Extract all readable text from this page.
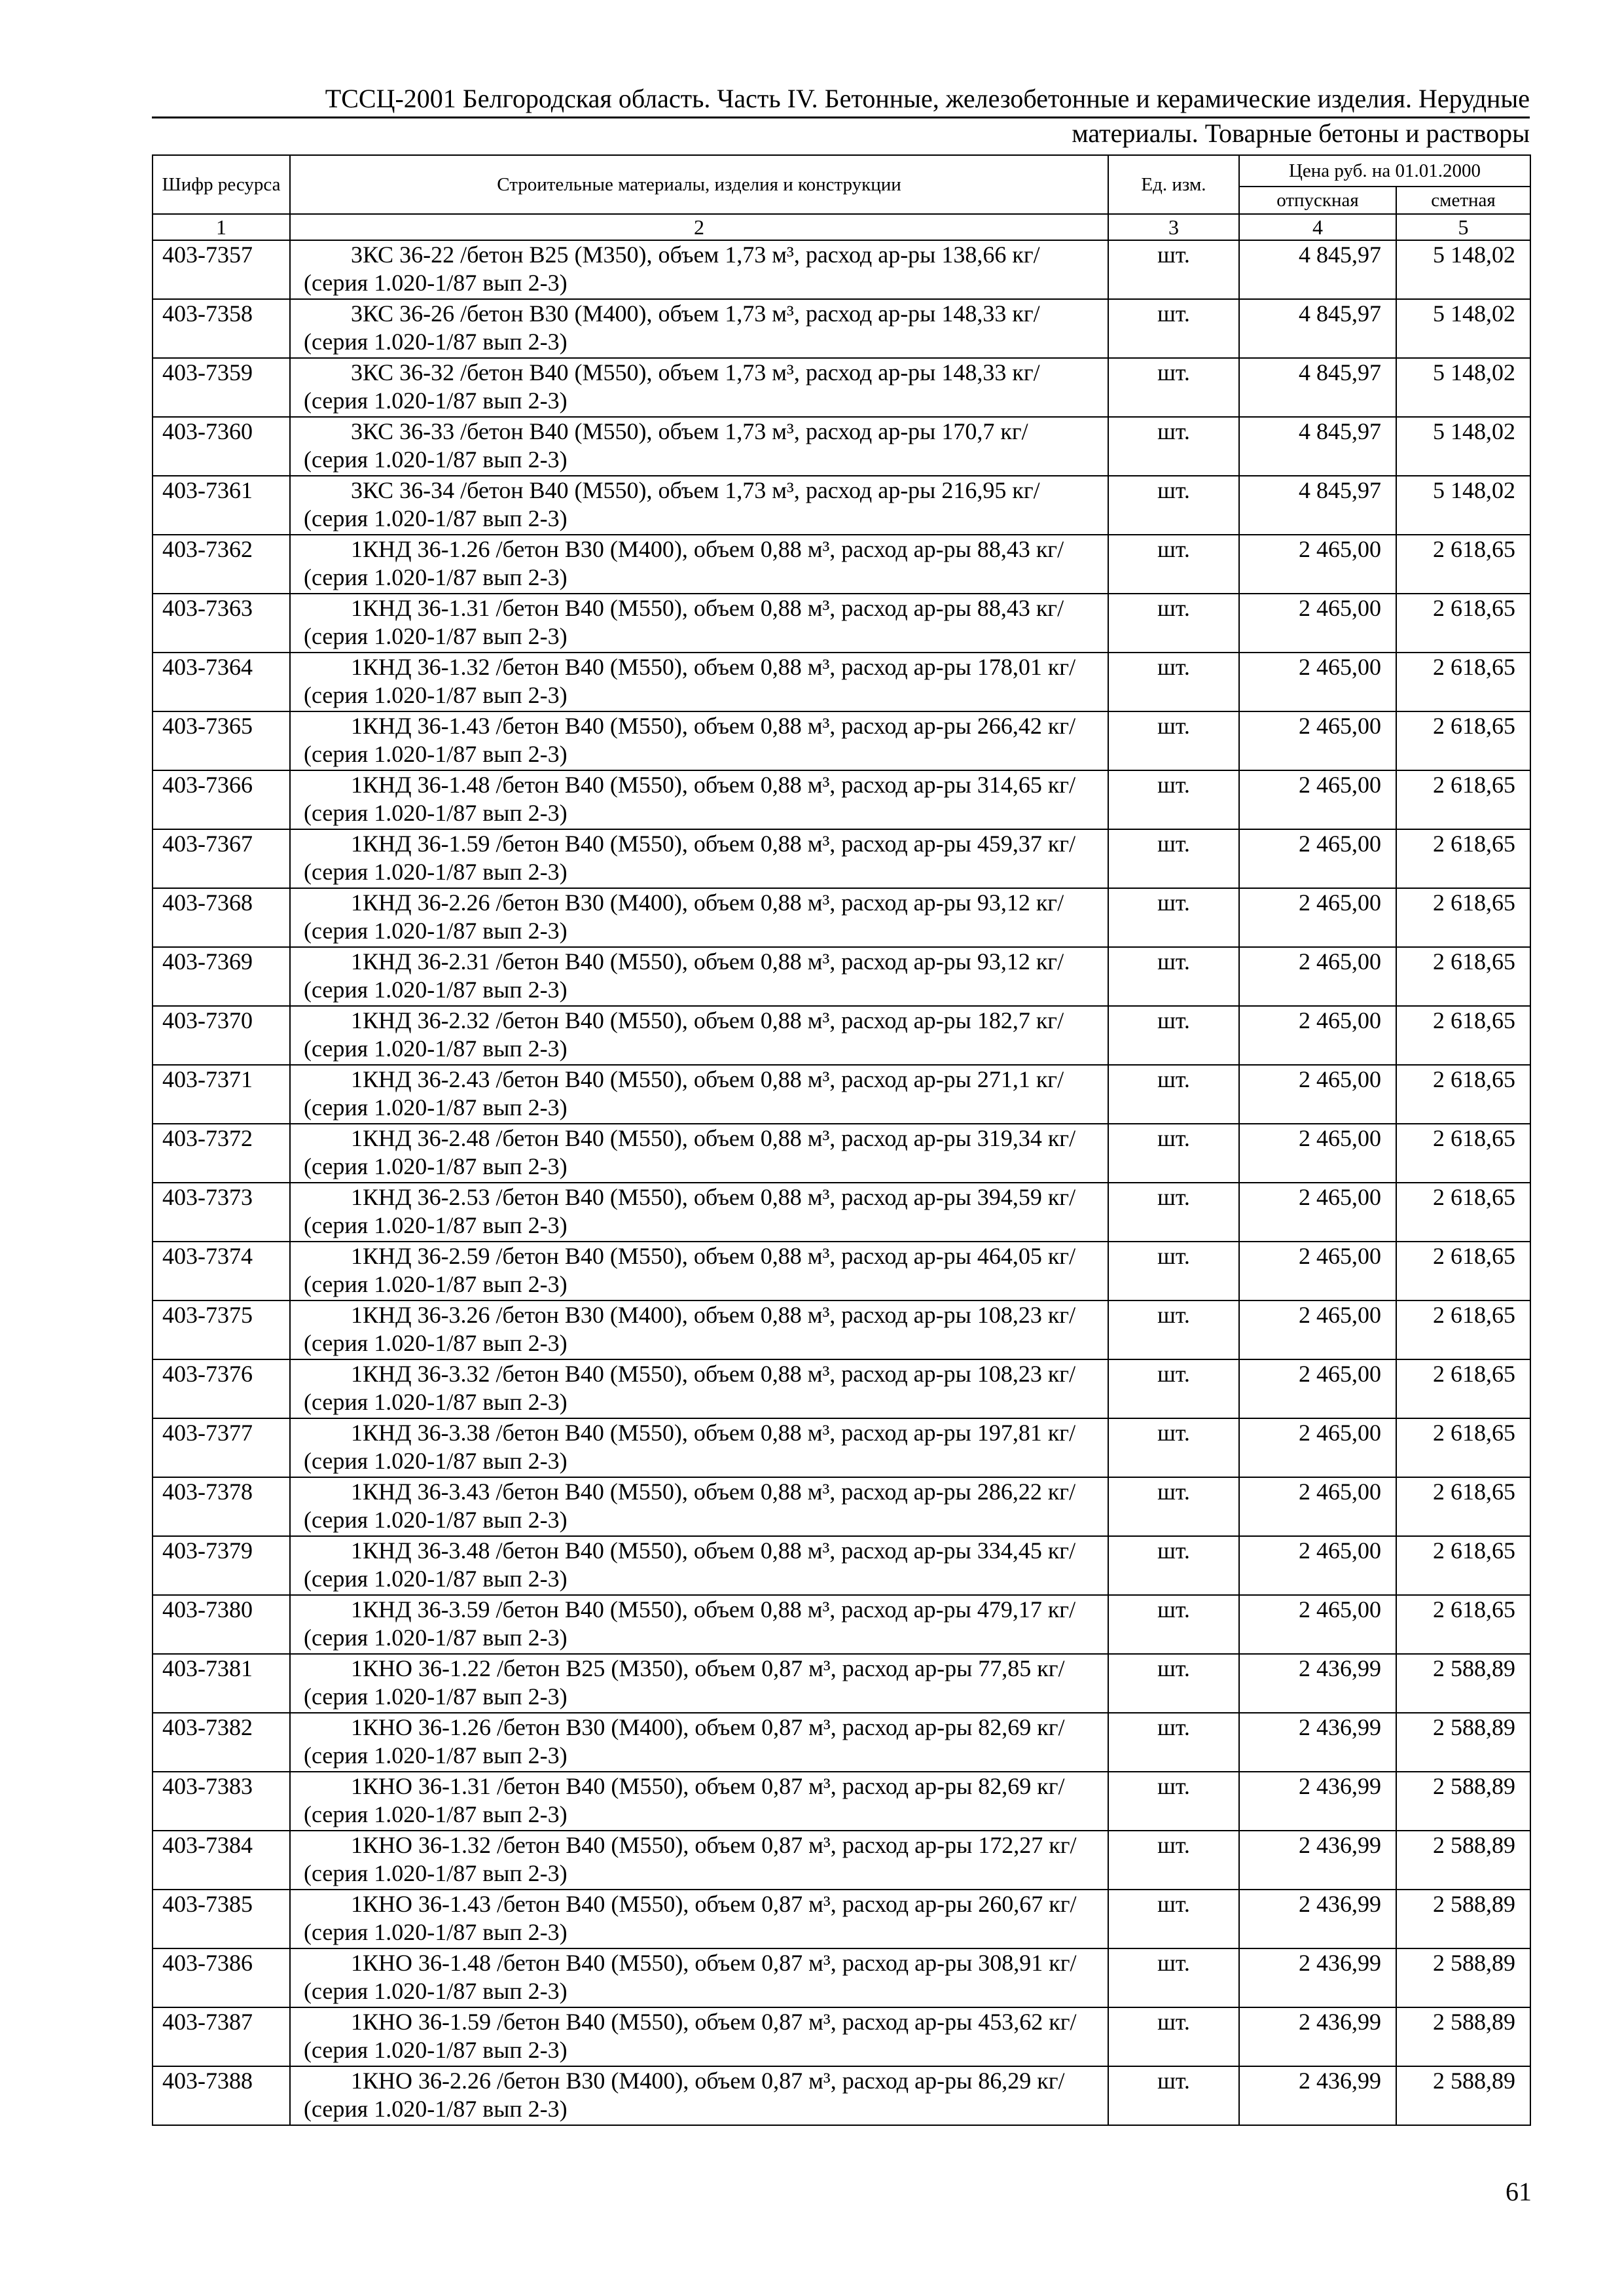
ТССЦ-2001 Белгородская область. Часть IV. Бетонные, железобетонные и керамические изделия. Нерудные
материалы. Товарные бетоны и растворы
Шифр ресурса	Строительные материалы, изделия и конструкции	Ед. изм.	Цена руб. на 01.01.2000	
			отпускная	сметная
1	2	3	4	5
403-7357	3КС 36-22 /бетон В25 (М350), объем 1,73 м³, расход ар-ры 138,66 кг/ (серия 1.020-1/87 вып 2-3)	шт.	4 845,97	5 148,02
403-7358	3КС 36-26 /бетон В30 (М400), объем 1,73 м³, расход ар-ры 148,33 кг/ (серия 1.020-1/87 вып 2-3)	шт.	4 845,97	5 148,02
403-7359	3КС 36-32 /бетон В40 (М550), объем 1,73 м³, расход ар-ры 148,33 кг/ (серия 1.020-1/87 вып 2-3)	шт.	4 845,97	5 148,02
403-7360	3КС 36-33 /бетон В40 (М550), объем 1,73 м³, расход ар-ры 170,7 кг/ (серия 1.020-1/87 вып 2-3)	шт.	4 845,97	5 148,02
403-7361	3КС 36-34 /бетон В40 (М550), объем 1,73 м³, расход ар-ры 216,95 кг/ (серия 1.020-1/87 вып 2-3)	шт.	4 845,97	5 148,02
403-7362	1КНД 36-1.26 /бетон В30 (М400), объем 0,88 м³, расход ар-ры 88,43 кг/ (серия 1.020-1/87 вып 2-3)	шт.	2 465,00	2 618,65
403-7363	1КНД 36-1.31 /бетон В40 (М550), объем 0,88 м³, расход ар-ры 88,43 кг/ (серия 1.020-1/87 вып 2-3)	шт.	2 465,00	2 618,65
403-7364	1КНД 36-1.32 /бетон В40 (М550), объем 0,88 м³, расход ар-ры 178,01 кг/ (серия 1.020-1/87 вып 2-3)	шт.	2 465,00	2 618,65
403-7365	1КНД 36-1.43 /бетон В40 (М550), объем 0,88 м³, расход ар-ры 266,42 кг/ (серия 1.020-1/87 вып 2-3)	шт.	2 465,00	2 618,65
403-7366	1КНД 36-1.48 /бетон В40 (М550), объем 0,88 м³, расход ар-ры 314,65 кг/ (серия 1.020-1/87 вып 2-3)	шт.	2 465,00	2 618,65
403-7367	1КНД 36-1.59 /бетон В40 (М550), объем 0,88 м³, расход ар-ры 459,37 кг/ (серия 1.020-1/87 вып 2-3)	шт.	2 465,00	2 618,65
403-7368	1КНД 36-2.26 /бетон В30 (М400), объем 0,88 м³, расход ар-ры 93,12 кг/ (серия 1.020-1/87 вып 2-3)	шт.	2 465,00	2 618,65
403-7369	1КНД 36-2.31 /бетон В40 (М550), объем 0,88 м³, расход ар-ры 93,12 кг/ (серия 1.020-1/87 вып 2-3)	шт.	2 465,00	2 618,65
403-7370	1КНД 36-2.32 /бетон В40 (М550), объем 0,88 м³, расход ар-ры 182,7 кг/ (серия 1.020-1/87 вып 2-3)	шт.	2 465,00	2 618,65
403-7371	1КНД 36-2.43 /бетон В40 (М550), объем 0,88 м³, расход ар-ры 271,1 кг/ (серия 1.020-1/87 вып 2-3)	шт.	2 465,00	2 618,65
403-7372	1КНД 36-2.48 /бетон В40 (М550), объем 0,88 м³, расход ар-ры 319,34 кг/ (серия 1.020-1/87 вып 2-3)	шт.	2 465,00	2 618,65
403-7373	1КНД 36-2.53 /бетон В40 (М550), объем 0,88 м³, расход ар-ры 394,59 кг/ (серия 1.020-1/87 вып 2-3)	шт.	2 465,00	2 618,65
403-7374	1КНД 36-2.59 /бетон В40 (М550), объем 0,88 м³, расход ар-ры 464,05 кг/ (серия 1.020-1/87 вып 2-3)	шт.	2 465,00	2 618,65
403-7375	1КНД 36-3.26 /бетон В30 (М400), объем 0,88 м³, расход ар-ры 108,23 кг/ (серия 1.020-1/87 вып 2-3)	шт.	2 465,00	2 618,65
403-7376	1КНД 36-3.32 /бетон В40 (М550), объем 0,88 м³, расход ар-ры 108,23 кг/ (серия 1.020-1/87 вып 2-3)	шт.	2 465,00	2 618,65
403-7377	1КНД 36-3.38 /бетон В40 (М550), объем 0,88 м³, расход ар-ры 197,81 кг/ (серия 1.020-1/87 вып 2-3)	шт.	2 465,00	2 618,65
403-7378	1КНД 36-3.43 /бетон В40 (М550), объем 0,88 м³, расход ар-ры 286,22 кг/ (серия 1.020-1/87 вып 2-3)	шт.	2 465,00	2 618,65
403-7379	1КНД 36-3.48 /бетон В40 (М550), объем 0,88 м³, расход ар-ры 334,45 кг/ (серия 1.020-1/87 вып 2-3)	шт.	2 465,00	2 618,65
403-7380	1КНД 36-3.59 /бетон В40 (М550), объем 0,88 м³, расход ар-ры 479,17 кг/ (серия 1.020-1/87 вып 2-3)	шт.	2 465,00	2 618,65
403-7381	1КНО 36-1.22 /бетон В25 (М350), объем 0,87 м³, расход ар-ры 77,85 кг/ (серия 1.020-1/87 вып 2-3)	шт.	2 436,99	2 588,89
403-7382	1КНО 36-1.26 /бетон В30 (М400), объем 0,87 м³, расход ар-ры 82,69 кг/ (серия 1.020-1/87 вып 2-3)	шт.	2 436,99	2 588,89
403-7383	1КНО 36-1.31 /бетон В40 (М550), объем 0,87 м³, расход ар-ры 82,69 кг/ (серия 1.020-1/87 вып 2-3)	шт.	2 436,99	2 588,89
403-7384	1КНО 36-1.32 /бетон В40 (М550), объем 0,87 м³, расход ар-ры 172,27 кг/ (серия 1.020-1/87 вып 2-3)	шт.	2 436,99	2 588,89
403-7385	1КНО 36-1.43 /бетон В40 (М550), объем 0,87 м³, расход ар-ры 260,67 кг/ (серия 1.020-1/87 вып 2-3)	шт.	2 436,99	2 588,89
403-7386	1КНО 36-1.48 /бетон В40 (М550), объем 0,87 м³, расход ар-ры 308,91 кг/ (серия 1.020-1/87 вып 2-3)	шт.	2 436,99	2 588,89
403-7387	1КНО 36-1.59 /бетон В40 (М550), объем 0,87 м³, расход ар-ры 453,62 кг/ (серия 1.020-1/87 вып 2-3)	шт.	2 436,99	2 588,89
403-7388	1КНО 36-2.26 /бетон В30 (М400), объем 0,87 м³, расход ар-ры 86,29 кг/ (серия 1.020-1/87 вып 2-3)	шт.	2 436,99	2 588,89
61
